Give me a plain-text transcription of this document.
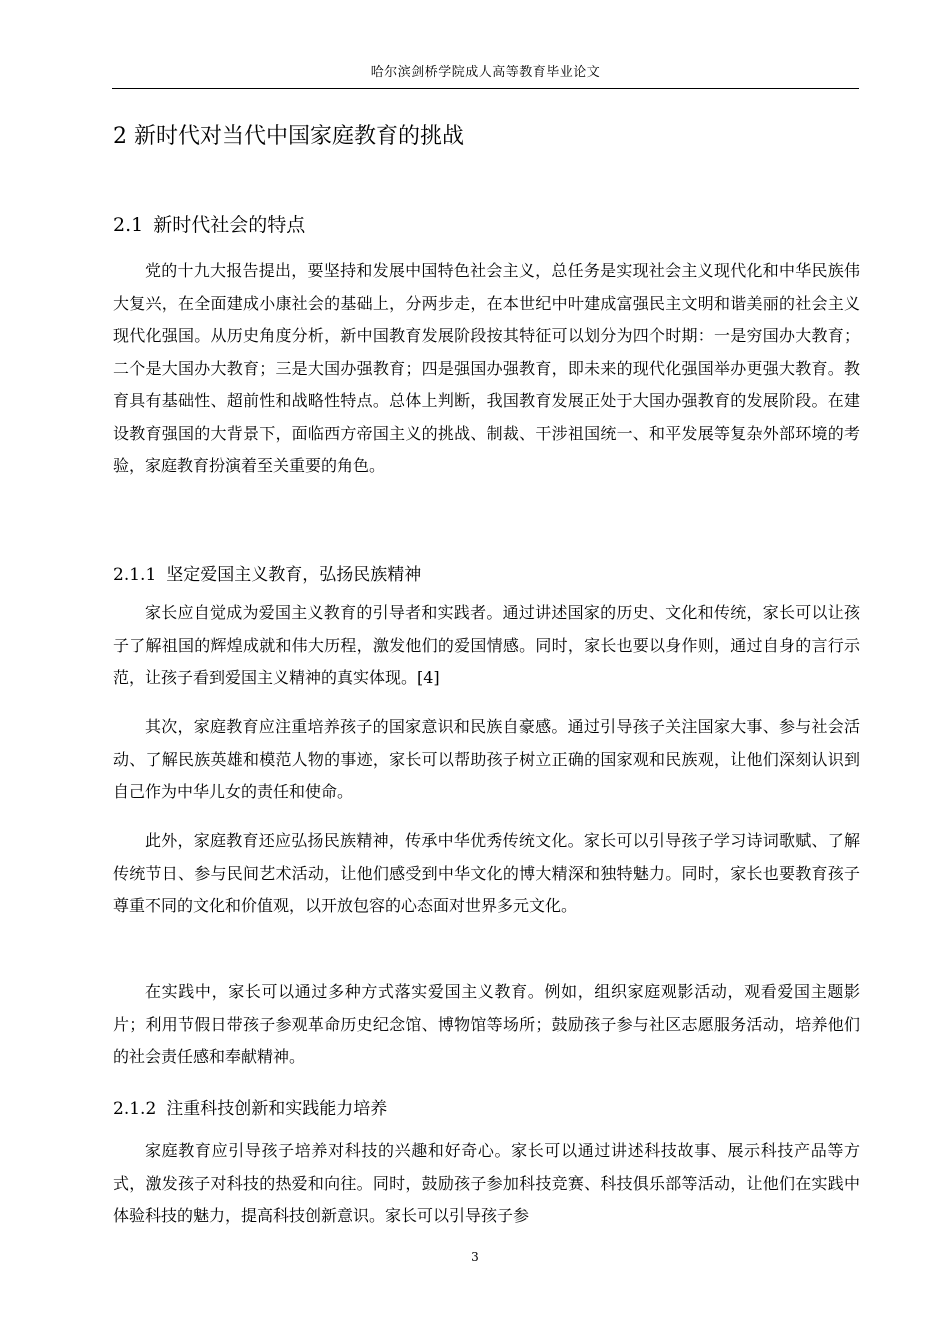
哈尔滨剑桥学院成人高等教育毕业论文
2 新时代对当代中国家庭教育的挑战
2.1 新时代社会的特点

党的十九大报告提出，要坚持和发展中国特色社会主义，总任务是实现社会主义现代化和中华民族伟大复兴，在全面建成小康社会的基础上，分两步走，在本世纪中叶建成富强民主文明和谐美丽的社会主义现代化强国。从历史角度分析，新中国教育发展阶段按其特征可以划分为四个时期：一是穷国办大教育；二个是大国办大教育；三是大国办强教育；四是强国办强教育，即未来的现代化强国举办更强大教育。教育具有基础性、超前性和战略性特点。总体上判断，我国教育发展正处于大国办强教育的发展阶段。在建设教育强国的大背景下，面临西方帝国主义的挑战、制裁、干涉祖国统一、和平发展等复杂外部环境的考验，家庭教育扮演着至关重要的角色。

2.1.1 坚定爱国主义教育，弘扬民族精神

家长应自觉成为爱国主义教育的引导者和实践者。通过讲述国家的历史、文化和传统，家长可以让孩子了解祖国的辉煌成就和伟大历程，激发他们的爱国情感。同时，家长也要以身作则，通过自身的言行示范，让孩子看到爱国主义精神的真实体现。[4]

其次，家庭教育应注重培养孩子的国家意识和民族自豪感。通过引导孩子关注国家大事、参与社会活动、了解民族英雄和模范人物的事迹，家长可以帮助孩子树立正确的国家观和民族观，让他们深刻认识到自己作为中华儿女的责任和使命。

此外，家庭教育还应弘扬民族精神，传承中华优秀传统文化。家长可以引导孩子学习诗词歌赋、了解传统节日、参与民间艺术活动，让他们感受到中华文化的博大精深和独特魅力。同时，家长也要教育孩子尊重不同的文化和价值观，以开放包容的心态面对世界多元文化。

在实践中，家长可以通过多种方式落实爱国主义教育。例如，组织家庭观影活动，观看爱国主题影片；利用节假日带孩子参观革命历史纪念馆、博物馆等场所；鼓励孩子参与社区志愿服务活动，培养他们的社会责任感和奉献精神。

2.1.2 注重科技创新和实践能力培养

家庭教育应引导孩子培养对科技的兴趣和好奇心。家长可以通过讲述科技故事、展示科技产品等方式，激发孩子对科技的热爱和向往。同时，鼓励孩子参加科技竞赛、科技俱乐部等活动，让他们在实践中体验科技的魅力，提高科技创新意识。家长可以引导孩子参

3
